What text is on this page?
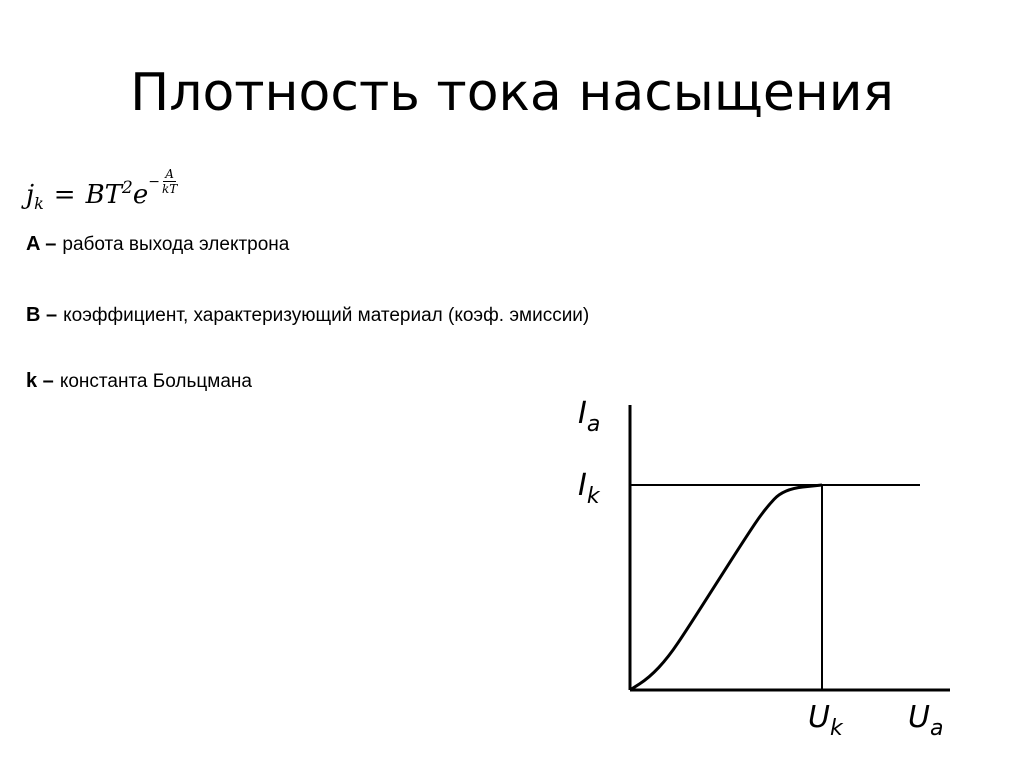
Плотность тока насыщения
$j_k = B$ T 2 $e - \frac{A}{kT}$
A – работа выхода электрона
B – коэффициент, характеризующий материал (коэф. эмиссии)
k – константа Больцмана
$I_a$
$I_k$
$U_k$ $U_a$
